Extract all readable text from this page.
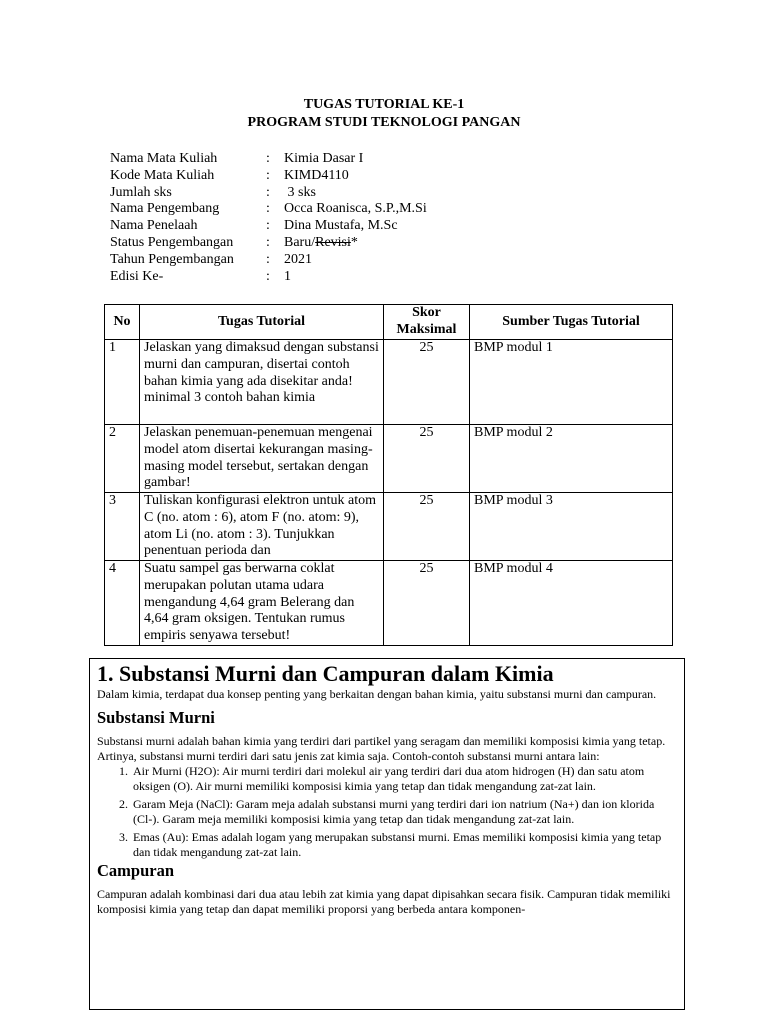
TUGAS TUTORIAL KE-1
PROGRAM STUDI TEKNOLOGI PANGAN
Nama Mata Kuliah	: Kimia Dasar I
Kode Mata Kuliah	: KIMD4110
Jumlah sks	: 3 sks
Nama Pengembang	: Occa Roanisca, S.P.,M.Si
Nama Penelaah	: Dina Mustafa, M.Sc
Status Pengembangan : Baru/Revisi*
Tahun Pengembangan : 2021
Edisi Ke-	: 1
No	Tugas Tutorial	Skor Maksimal	Sumber Tugas Tutorial
1	Jelaskan yang dimaksud dengan substansi murni dan campuran, disertai contoh bahan kimia yang ada disekitar anda! minimal 3 contoh bahan kimia	25	BMP modul 1
2	Jelaskan penemuan-penemuan mengenai model atom disertai kekurangan masing-masing model tersebut, sertakan dengan gambar!	25	BMP modul 2
3	Tuliskan konfigurasi elektron untuk atom C (no. atom : 6), atom F (no. atom: 9), atom Li (no. atom : 3). Tunjukkan penentuan perioda dan	25	BMP modul 3
4	Suatu sampel gas berwarna coklat merupakan polutan utama udara mengandung 4,64 gram Belerang dan 4,64 gram oksigen. Tentukan rumus empiris senyawa tersebut!	25	BMP modul 4
1. Substansi Murni dan Campuran dalam Kimia

Dalam kimia, terdapat dua konsep penting yang berkaitan dengan bahan kimia, yaitu substansi murni dan campuran.

Substansi Murni

Substansi murni adalah bahan kimia yang terdiri dari partikel yang seragam dan memiliki komposisi kimia yang tetap. Artinya, substansi murni terdiri dari satu jenis zat kimia saja. Contoh-contoh substansi murni antara lain:

1. Air Murni (H2O): Air murni terdiri dari molekul air yang terdiri dari dua atom hidrogen (H) dan satu atom oksigen (O). Air murni memiliki komposisi kimia yang tetap dan tidak mengandung zat-zat lain.
2. Garam Meja (NaCl): Garam meja adalah substansi murni yang terdiri dari ion natrium (Na+) dan ion klorida (Cl-). Garam meja memiliki komposisi kimia yang tetap dan tidak mengandung zat-zat lain.
3. Emas (Au): Emas adalah logam yang merupakan substansi murni. Emas memiliki komposisi kimia yang tetap dan tidak mengandung zat-zat lain.
Campuran

Campuran adalah kombinasi dari dua atau lebih zat kimia yang dapat dipisahkan secara fisik. Campuran tidak memiliki komposisi kimia yang tetap dan dapat memiliki proporsi yang berbeda antara komponen-
